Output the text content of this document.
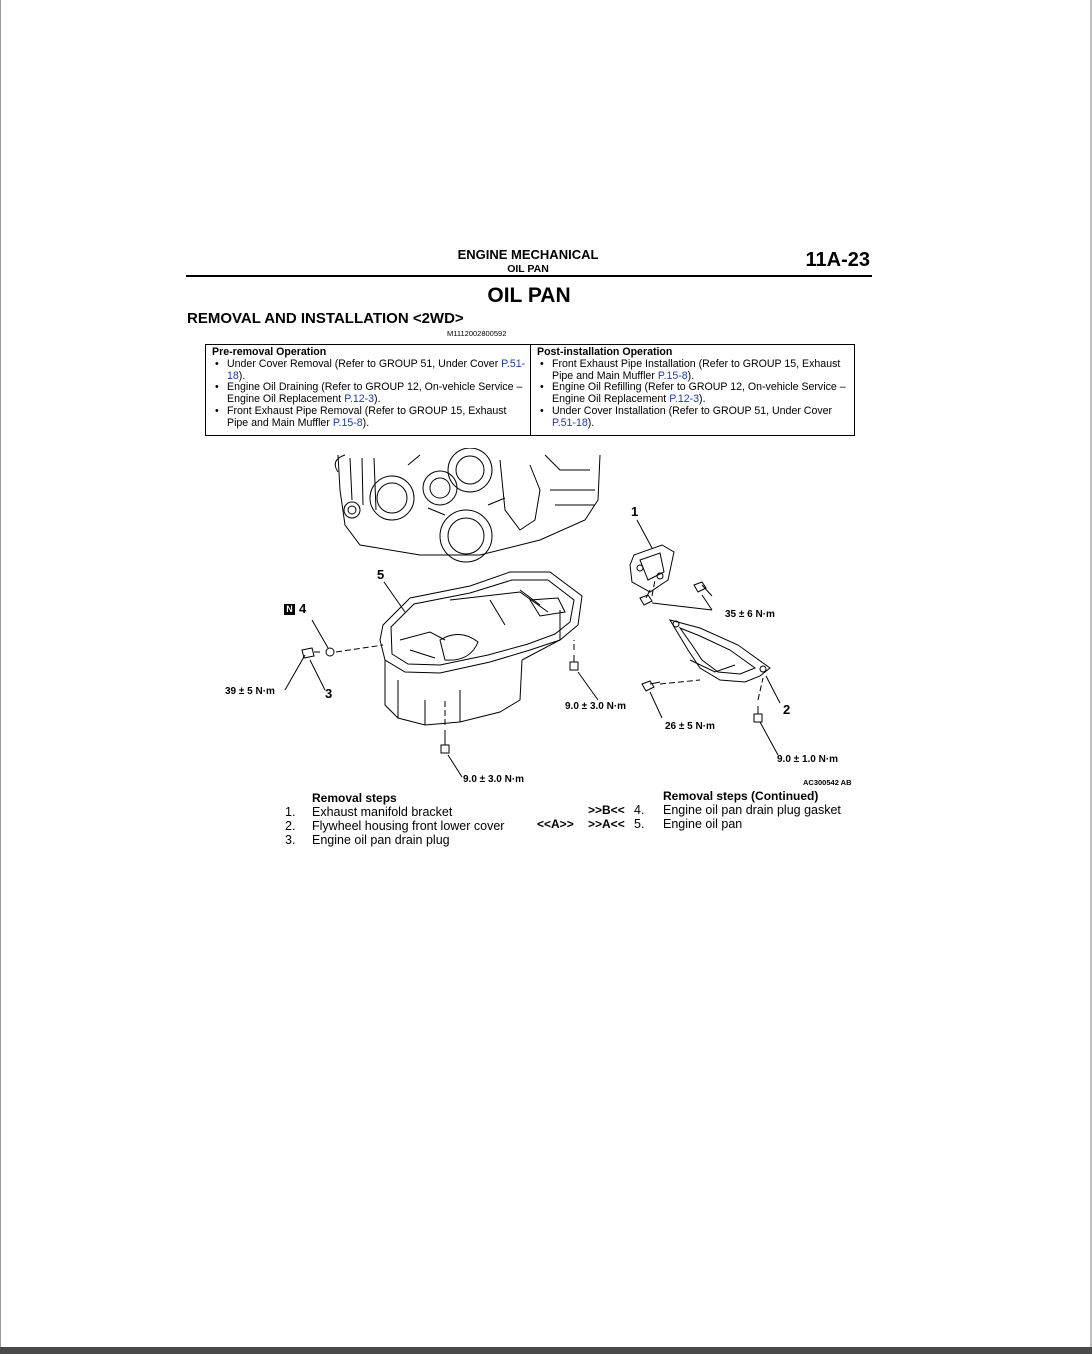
ENGINE MECHANICAL
OIL PAN	11A-23
OIL PAN
REMOVAL AND INSTALLATION <2WD>
M1112002800592
Pre-removal Operation
• Under Cover Removal (Refer to GROUP 51, Under Cover P.51-18).
• Engine Oil Draining (Refer to GROUP 12, On-vehicle Service – Engine Oil Replacement P.12-3).
• Front Exhaust Pipe Removal (Refer to GROUP 15, Exhaust Pipe and Main Muffler P.15-8).
Post-installation Operation
• Front Exhaust Pipe Installation (Refer to GROUP 15, Exhaust Pipe and Main Muffler P.15-8).
• Engine Oil Refilling (Refer to GROUP 12, On-vehicle Service – Engine Oil Replacement P.12-3).
• Under Cover Installation (Refer to GROUP 51, Under Cover P.51-18).
1
5
N 4
3
2
35 ± 6 N·m
39 ± 5 N·m
9.0 ± 3.0 N·m
26 ± 5 N·m
9.0 ± 1.0 N·m
9.0 ± 3.0 N·m	AC300542 AB
Removal steps
1. Exhaust manifold bracket
2. Flywheel housing front lower cover
3. Engine oil pan drain plug
Removal steps (Continued)
>>B<< 4. Engine oil pan drain plug gasket
<<A>> >>A<< 5. Engine oil pan
